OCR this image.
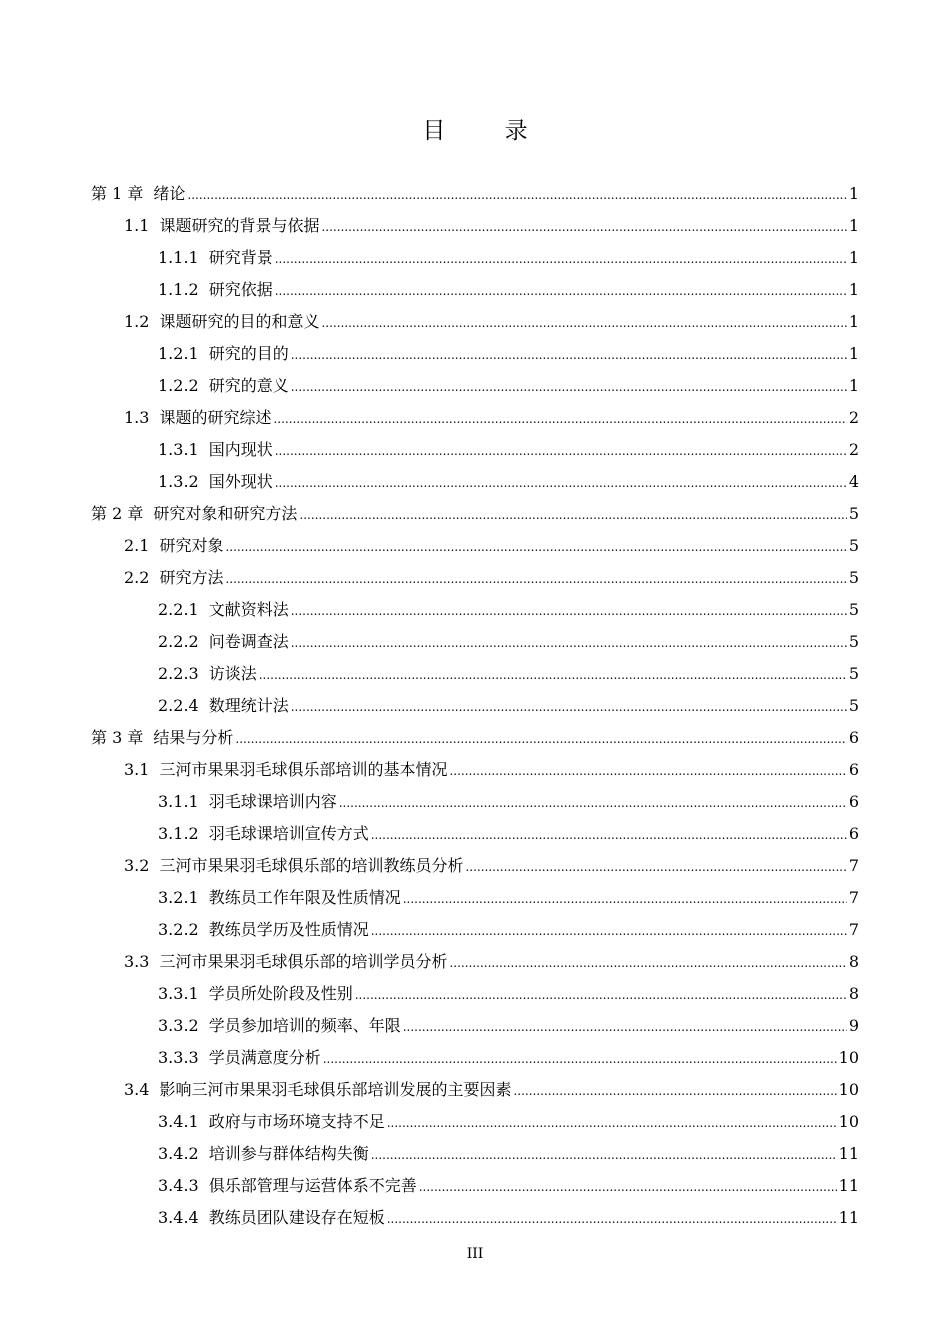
目 录
第 1 章 绪论 .....	1
1.1 课题研究的背景与依据 .....	1
1.1.1 研究背景 .....	1
1.1.2 研究依据 .....	1
1.2 课题研究的目的和意义 .....	1
1.2.1 研究的目的 .....	1
1.2.2 研究的意义 .....	1
1.3 课题的研究综述 .....	2
1.3.1 国内现状 .....	2
1.3.2 国外现状 .....	4
第 2 章 研究对象和研究方法 .....	5
2.1 研究对象 .....	5
2.2 研究方法 .....	5
2.2.1 文献资料法 .....	5
2.2.2 问卷调查法 .....	5
2.2.3 访谈法 .....	5
2.2.4 数理统计法 .....	5
第 3 章 结果与分析 .....	6
3.1 三河市果果羽毛球俱乐部培训的基本情况 .....	6
3.1.1 羽毛球课培训内容 .....	6
3.1.2 羽毛球课培训宣传方式 .....	6
3.2 三河市果果羽毛球俱乐部的培训教练员分析 .....	7
3.2.1 教练员工作年限及性质情况 .....	7
3.2.2 教练员学历及性质情况 .....	7
3.3 三河市果果羽毛球俱乐部的培训学员分析 .....	8
3.3.1 学员所处阶段及性别 .....	8
3.3.2 学员参加培训的频率、年限 .....	9
3.3.3 学员满意度分析 .....	10
3.4 影响三河市果果羽毛球俱乐部培训发展的主要因素 .....	10
3.4.1 政府与市场环境支持不足 .....	10
3.4.2 培训参与群体结构失衡 .....	11
3.4.3 俱乐部管理与运营体系不完善 .....	11
3.4.4 教练员团队建设存在短板 .....	11
III
